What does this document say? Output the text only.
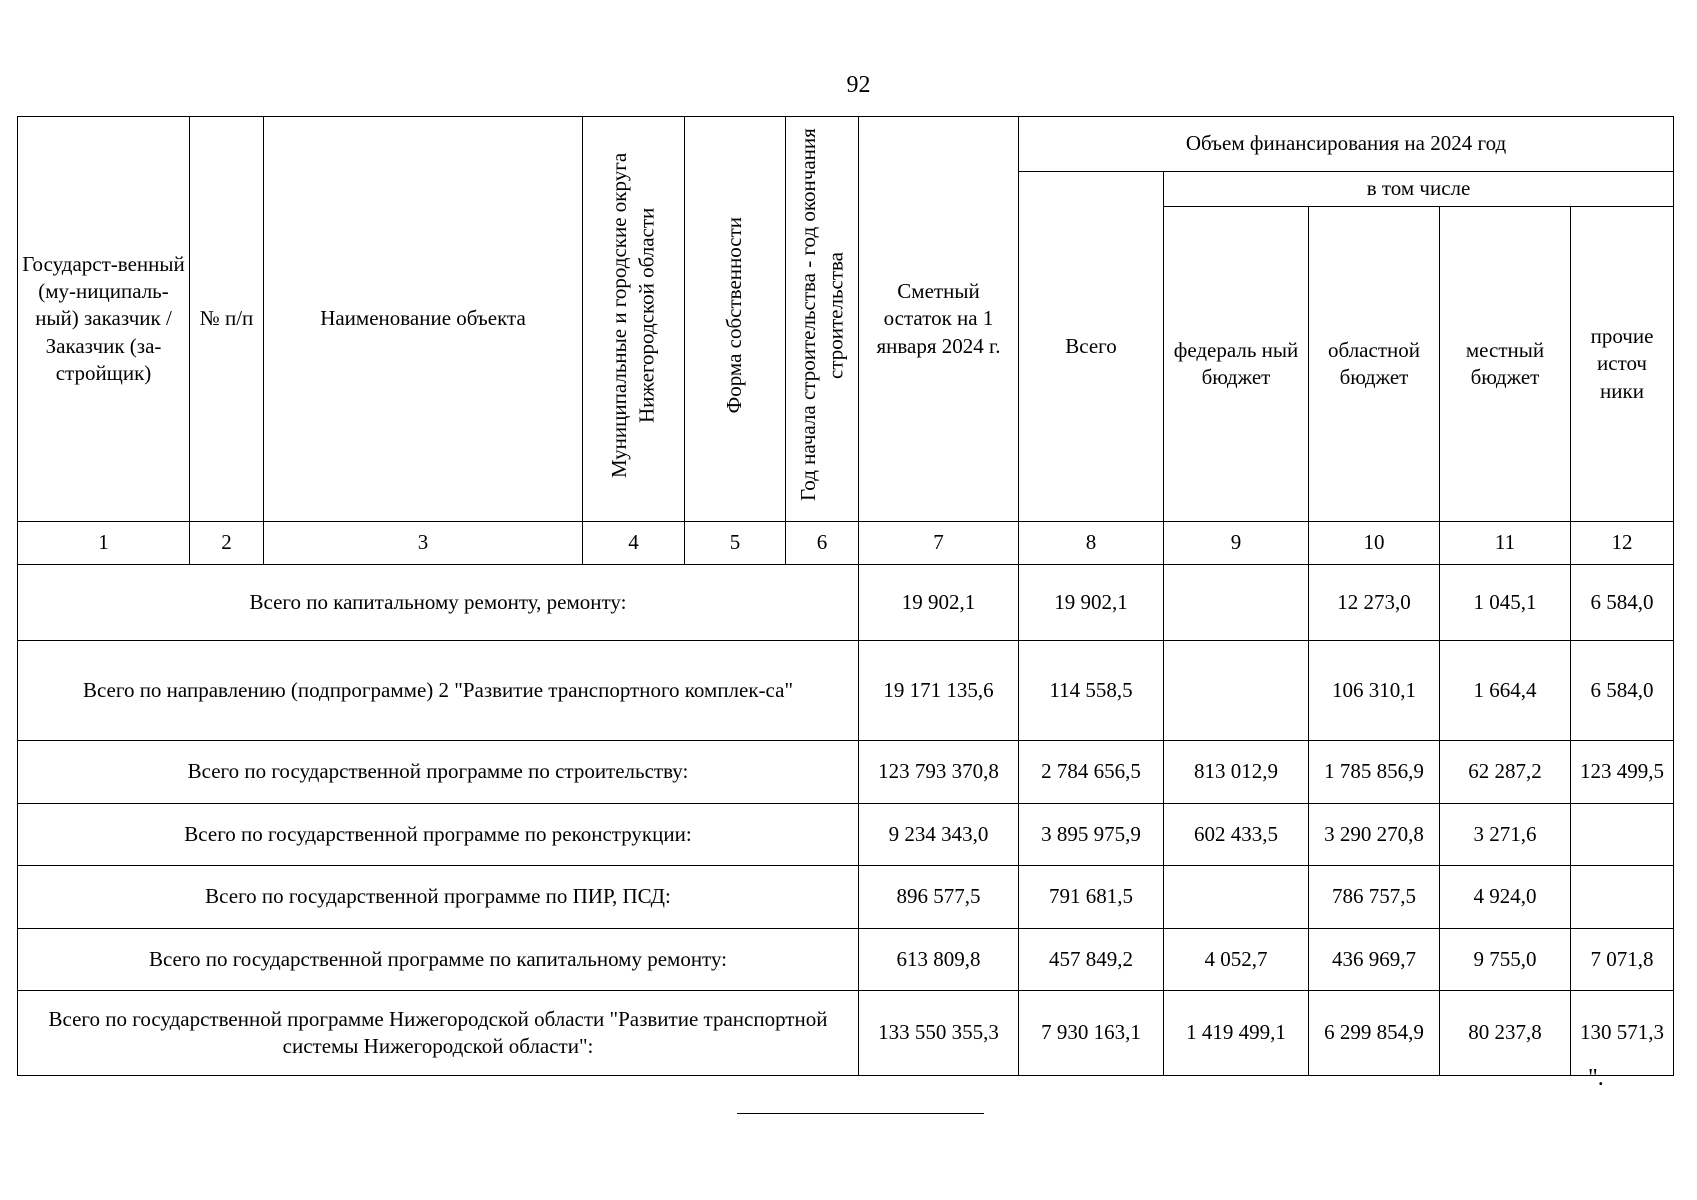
92
Государст-венный (му-ниципаль-ный) заказчик / Заказчик (за-стройщик)	№ п/п	Наименование объекта	Муниципальные и городские округа Нижегородской области	Форма собственности	Год начала строительства - год окончания строительства	Сметный остаток на 1 января 2024 г.	Объем финансирования на 2024 год				
							Всего	в том числе			
								федераль ный бюджет	областной бюджет	местный бюджет	прочие источ ники
1	2	3	4	5	6	7	8	9	10	11	12
Всего по капитальному ремонту, ремонту:						19 902,1	19 902,1		12 273,0	1 045,1	6 584,0
Всего по направлению (подпрограмме) 2 "Развитие транспортного комплек-са"						19 171 135,6	114 558,5		106 310,1	1 664,4	6 584,0
Всего по государственной программе по строительству:						123 793 370,8	2 784 656,5	813 012,9	1 785 856,9	62 287,2	123 499,5
Всего по государственной программе по реконструкции:						9 234 343,0	3 895 975,9	602 433,5	3 290 270,8	3 271,6	
Всего по государственной программе по ПИР, ПСД:						896 577,5	791 681,5		786 757,5	4 924,0	
Всего по государственной программе по капитальному ремонту:						613 809,8	457 849,2	4 052,7	436 969,7	9 755,0	7 071,8
Всего по государственной программе Нижегородской области "Развитие транспортной системы Нижегородской области":						133 550 355,3	7 930 163,1	1 419 499,1	6 299 854,9	80 237,8	130 571,3
".
